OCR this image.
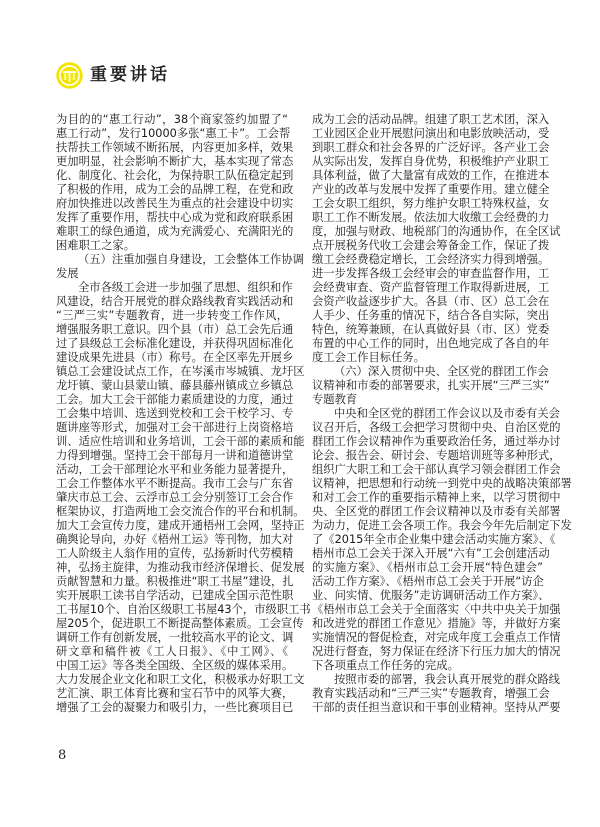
重要讲话
为目的的“惠工行动”，38个商家签约加盟了“
惠工行动”，发行10000多张“惠工卡”。工会帮
扶帮扶工作领域不断拓展，内容更加多样，效果
更加明显，社会影响不断扩大，基本实现了常态
化、制度化、社会化，为保持职工队伍稳定起到
了积极的作用，成为工会的品牌工程，在党和政
府加快推进以改善民生为重点的社会建设中切实
发挥了重要作用，帮扶中心成为党和政府联系困
难职工的绿色通道，成为充满爱心、充满阳光的
困难职工之家。
（五）注重加强自身建设，工会整体工作协调
发展
全市各级工会进一步加强了思想、组织和作
风建设，结合开展党的群众路线教育实践活动和
“三严三实”专题教育，进一步转变工作作风，
增强服务职工意识。四个县（市）总工会先后通
过了县级总工会标准化建设，并获得巩固标准化
建设成果先进县（市）称号。在全区率先开展乡
镇总工会建设试点工作，在岑溪市岑城镇、龙圩区
龙圩镇、蒙山县蒙山镇、藤县藤州镇成立乡镇总
工会。加大工会干部能力素质建设的力度，通过
工会集中培训、选送到党校和工会干校学习、专
题讲座等形式，加强对工会干部进行上岗资格培
训、适应性培训和业务培训，工会干部的素质和能
力得到增强。坚持工会干部每月一讲和道德讲堂
活动，工会干部理论水平和业务能力显著提升，
工会工作整体水平不断提高。我市工会与广东省
肇庆市总工会、云浮市总工会分别签订工会合作
框架协议，打造两地工会交流合作的平台和机制。
加大工会宣传力度，建成开通梧州工会网，坚持正
确舆论导向，办好《梧州工运》等刊物，加大对
工人阶级主人翁作用的宣传，弘扬新时代劳模精
神，弘扬主旋律，为推动我市经济保增长、促发展
贡献智慧和力量。积极推进“职工书屋”建设，扎
实开展职工读书自学活动，已建成全国示范性职
工书屋10个、自治区级职工书屋43个，市级职工书
屋205个，促进职工不断提高整体素质。工会宣传
调研工作有创新发展，一批较高水平的论文、调
研文章和稿件被《工人日报》、《中工网》、《
中国工运》等各类全国级、全区级的媒体采用。
大力发展企业文化和职工文化，积极承办好职工文
艺汇演、职工体育比赛和宝石节中的风筝大赛，
增强了工会的凝聚力和吸引力，一些比赛项目已
成为工会的活动品牌。组建了职工艺术团，深入
工业园区企业开展慰问演出和电影放映活动，受
到职工群众和社会各界的广泛好评。各产业工会
从实际出发，发挥自身优势，积极维护产业职工
具体利益，做了大量富有成效的工作，在推进本
产业的改革与发展中发挥了重要作用。建立健全
工会女职工组织，努力维护女职工特殊权益，女
职工工作不断发展。依法加大收缴工会经费的力
度，加强与财政、地税部门的沟通协作，在全区试
点开展税务代收工会建会筹备金工作，保证了拨
缴工会经费稳定增长，工会经济实力得到增强。
进一步发挥各级工会经审会的审查监督作用，工
会经费审查、资产监督管理工作取得新进展，工
会资产收益逐步扩大。各县（市、区）总工会在
人手少、任务重的情况下，结合各自实际，突出
特色，统筹兼顾，在认真做好县（市、区）党委
布置的中心工作的同时，出色地完成了各自的年
度工会工作目标任务。
（六）深入贯彻中央、全区党的群团工作会
议精神和市委的部署要求，扎实开展“三严三实”
专题教育
中央和全区党的群团工作会议以及市委有关会
议召开后，各级工会把学习贯彻中央、自治区党的
群团工作会议精神作为重要政治任务，通过举办讨
论会、报告会、研讨会、专题培训班等多种形式，
组织广大职工和工会干部认真学习领会群团工作会
议精神，把思想和行动统一到党中央的战略决策部署
和对工会工作的重要指示精神上来，以学习贯彻中
央、全区党的群团工作会议精神以及市委有关部署
为动力，促进工会各项工作。我会今年先后制定下发
了《2015年全市企业集中建会活动实施方案》、《
梧州市总工会关于深入开展“六有”工会创建活动
的实施方案》、《梧州市总工会开展“特色建会”
活动工作方案》、《梧州市总工会关于开展“访企
业、问实情、优服务”走访调研活动工作方案》、
《梧州市总工会关于全面落实〈中共中央关于加强
和改进党的群团工作意见〉措施》等，并做好方案
实施情况的督促检查，对完成年度工会重点工作情
况进行督查，努力保证在经济下行压力加大的情况
下各项重点工作任务的完成。
按照市委的部署，我会认真开展党的群众路线
教育实践活动和“三严三实”专题教育，增强工会
干部的责任担当意识和干事创业精神。坚持从严要
8
